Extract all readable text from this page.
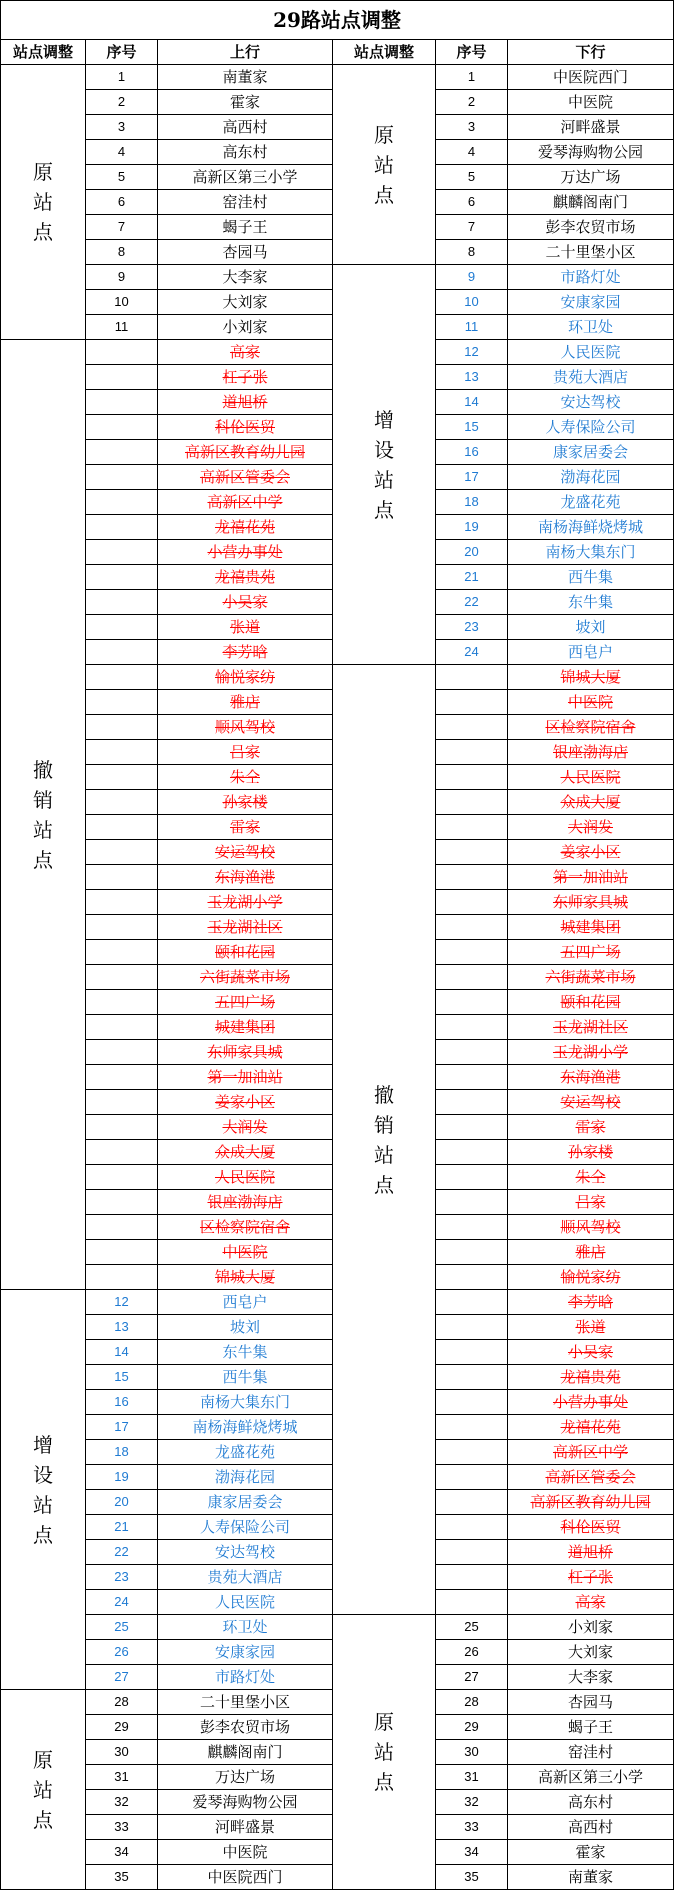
29路站点调整
站点调整	序号	上行	站点调整	序号	下行
原站点	1	南董家	原站点	1	中医院西门
	2	霍家		2	中医院
	3	高西村		3	河畔盛景
	4	高东村		4	爱琴海购物公园
	5	高新区第三小学		5	万达广场
	6	窑洼村		6	麒麟阁南门
	7	蝎子王		7	彭李农贸市场
	8	杏园马		8	二十里堡小区
	9	大李家	增设站点	9	市路灯处
	10	大刘家		10	安康家园
	11	小刘家		11	环卫处
撤销站点		高家		12	人民医院
		杠子张		13	贵苑大酒店
		道旭桥		14	安达驾校
		科伦医贸		15	人寿保险公司
		高新区教育幼儿园		16	康家居委会
		高新区管委会		17	渤海花园
		高新区中学		18	龙盛花苑
		龙禧花苑		19	南杨海鲜烧烤城
		小营办事处		20	南杨大集东门
		龙禧贵苑		21	西牛集
		小吴家		22	东牛集
		张道		23	坡刘
		李芳晗		24	西皂户
		愉悦家纺	撤销站点		锦城大厦
		雅店			中医院
		顺风驾校			区检察院宿舍
		吕家			银座渤海店
		朱仝			人民医院
		孙家楼			众成大厦
		雷家			大润发
		安运驾校			姜家小区
		东海渔港			第一加油站
		玉龙湖小学			东师家具城
		玉龙湖社区			城建集团
		颐和花园			五四广场
		六街蔬菜市场			六街蔬菜市场
		五四广场			颐和花园
		城建集团			玉龙湖社区
		东师家具城			玉龙湖小学
		第一加油站			东海渔港
		姜家小区			安运驾校
		大润发			雷家
		众成大厦			孙家楼
		人民医院			朱仝
		银座渤海店			吕家
		区检察院宿舍			顺风驾校
		中医院			雅店
		锦城大厦			愉悦家纺
增设站点	12	西皂户			李芳晗
	13	坡刘			张道
	14	东牛集			小吴家
	15	西牛集			龙禧贵苑
	16	南杨大集东门			小营办事处
	17	南杨海鲜烧烤城			龙禧花苑
	18	龙盛花苑			高新区中学
	19	渤海花园			高新区管委会
	20	康家居委会			高新区教育幼儿园
	21	人寿保险公司			科伦医贸
	22	安达驾校			道旭桥
	23	贵苑大酒店			杠子张
	24	人民医院			高家
	25	环卫处	原站点	25	小刘家
	26	安康家园		26	大刘家
	27	市路灯处		27	大李家
原站点	28	二十里堡小区		28	杏园马
	29	彭李农贸市场		29	蝎子王
	30	麒麟阁南门		30	窑洼村
	31	万达广场		31	高新区第三小学
	32	爱琴海购物公园		32	高东村
	33	河畔盛景		33	高西村
	34	中医院		34	霍家
	35	中医院西门		35	南董家
